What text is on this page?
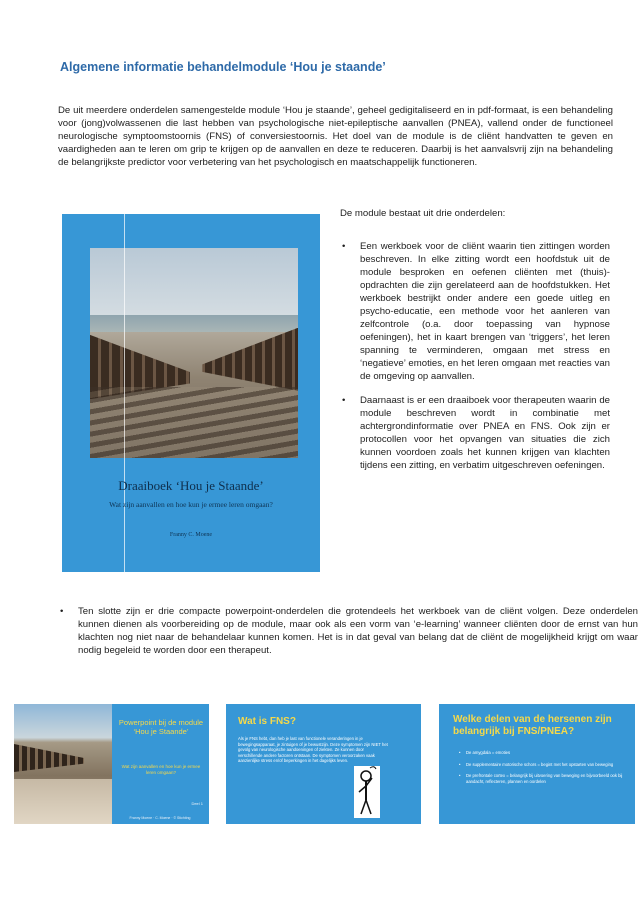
Algemene informatie behandelmodule ‘Hou je staande’
De uit meerdere onderdelen samengestelde module ‘Hou je staande’, geheel gedigitaliseerd en in pdf-formaat, is een behandeling voor (jong)volwassenen die last hebben van psychologische niet-epileptische aanvallen (PNEA), vallend onder de functioneel neurologische symptoomstoornis (FNS) of conversiestoornis. Het doel van de module is de cliënt handvatten te geven en vaardigheden aan te leren om grip te krijgen op de aanvallen en deze te reduceren. Daarbij is het aanvalsvrij zijn na behandeling de belangrijkste predictor voor verbetering van het psychologisch en maatschappelijk functioneren.
Draaiboek ‘Hou je Staande’
Wat zijn aanvallen en hoe kun je ermee leren omgaan?
Franny C. Moene
De module bestaat uit drie onderdelen:
• Een werkboek voor de cliënt waarin tien zittingen worden beschreven. In elke zitting wordt een hoofdstuk uit de module besproken en oefenen cliënten met (thuis)-opdrachten die zijn gerelateerd aan de hoofdstukken. Het werkboek bestrijkt onder andere een goede uitleg en psycho-educatie, een methode voor het aanleren van zelfcontrole (o.a. door toepassing van hypnose oefeningen), het in kaart brengen van ‘triggers’, het leren spanning te verminderen, omgaan met stress en ‘negatieve’ emoties, en het leren omgaan met reacties van de omgeving op aanvallen.
• Daarnaast is er een draaiboek voor therapeuten waarin de module beschreven wordt in combinatie met achtergrondinformatie over PNEA en FNS. Ook zijn er protocollen voor het opvangen van situaties die zich kunnen voordoen zoals het kunnen krijgen van klachten tijdens een zitting, en verbatim uitgeschreven oefeningen.
• Ten slotte zijn er drie compacte powerpoint-onderdelen die grotendeels het werkboek van de cliënt volgen. Deze onderdelen kunnen dienen als voorbereiding op de module, maar ook als een vorm van ‘e-learning’ wanneer cliënten door de ernst van hun klachten nog niet naar de behandelaar kunnen komen. Het is in dat geval van belang dat de cliënt de mogelijkheid krijgt om waar nodig begeleid te worden door een therapeut.
Powerpoint bij de module ‘Hou je Staande’
Wat zijn aanvallen en hoe kun je ermee leren omgaan?
Deel 1
Franny Moene · C. Moene · © Stichting
Wat is FNS?
Als je FNS hebt, dan heb je last van functionele veranderingen in je bewegingsapparaat, je zintuigen of je bewustzijn. Deze symptomen zijn NIET het gevolg van neurologische aandoeningen of ziekten. Ze kunnen door verschillende andere factoren ontstaan. De symptomen veroorzaken vaak aanzienlijke stress en/of beperkingen in het dagelijks leven.
Welke delen van de hersenen zijn belangrijk bij FNS/PNEA?
• De amygdala = emoties
• De supplementaire motorische schors = begint met het opstarten van beweging
• De prefrontale cortex = belangrijk bij uitvoering van beweging en bijvoorbeeld ook bij aandacht, reflecteren, plannen en oordelen
